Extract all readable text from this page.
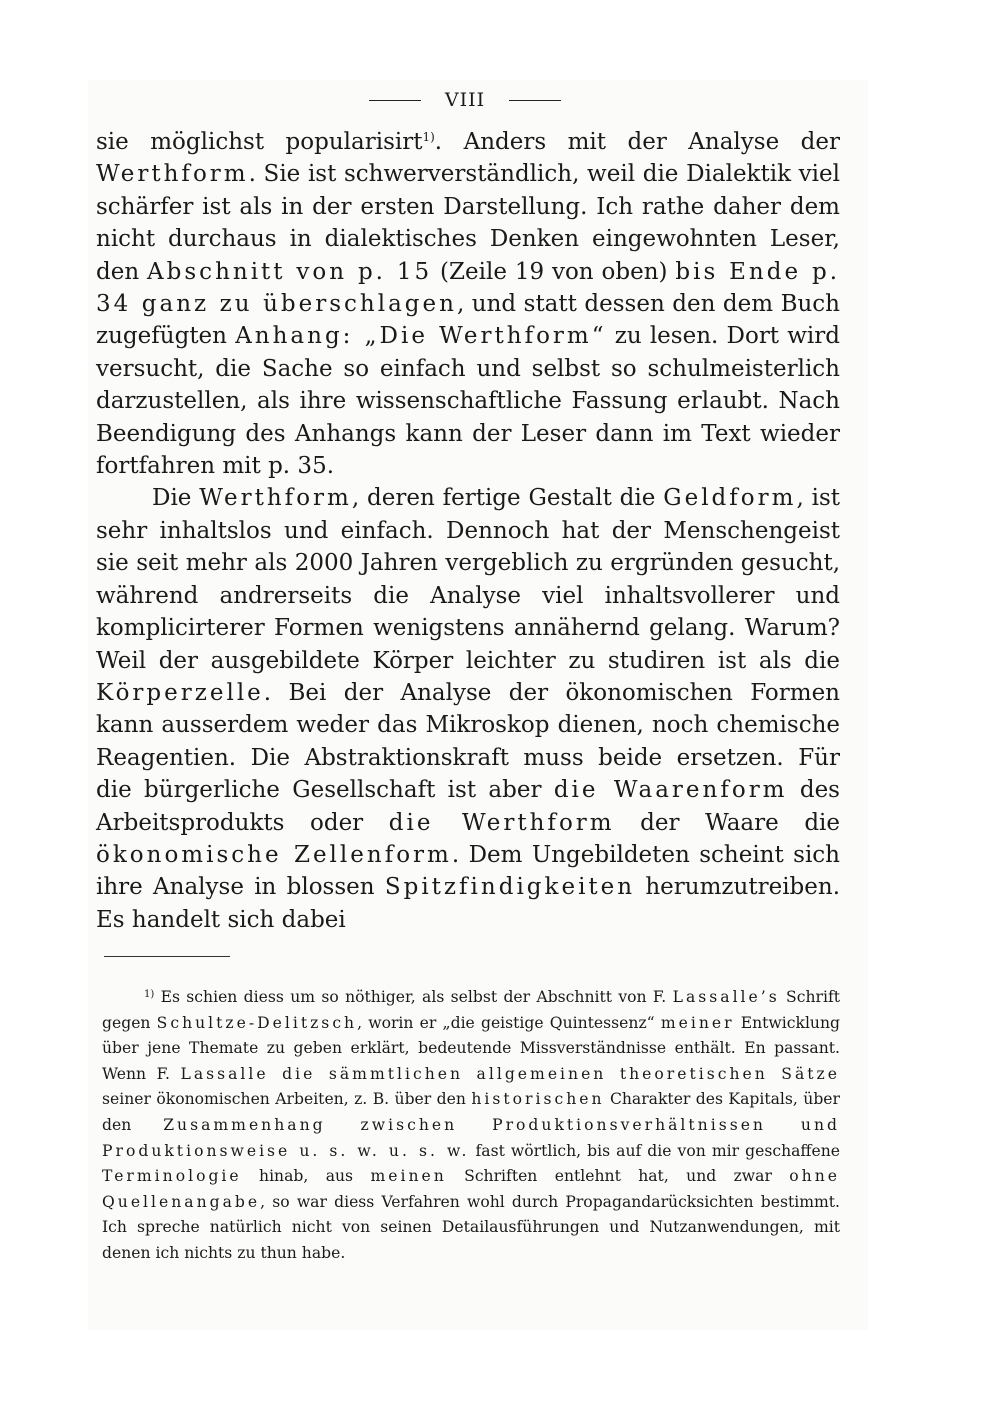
VIII

sie möglichst popularisirt$^{1)}$. Anders mit der Analyse der Werthform. Sie ist schwerverständlich, weil die Dialektik viel schärfer ist als in der ersten Darstellung. Ich rathe daher dem nicht durchaus in dialektisches Denken eingewohnten Leser, den Abschnitt von p. 15 (Zeile 19 von oben) bis Ende p. 34 ganz zu überschlagen, und statt dessen den dem Buch zugefügten Anhang: „Die Werthform“ zu lesen. Dort wird versucht, die Sache so einfach und selbst so schulmeisterlich darzustellen, als ihre wissenschaftliche Fassung erlaubt. Nach Beendigung des Anhangs kann der Leser dann im Text wieder fortfahren mit p. 35.

Die Werthform, deren fertige Gestalt die Geldform, ist sehr inhaltslos und einfach. Dennoch hat der Menschengeist sie seit mehr als 2000 Jahren vergeblich zu ergründen gesucht, während andrerseits die Analyse viel inhaltsvollerer und komplicirterer Formen wenigstens annähernd gelang. Warum? Weil der ausgebildete Körper leichter zu studiren ist als die Körperzelle. Bei der Analyse der ökonomischen Formen kann ausserdem weder das Mikroskop dienen, noch chemische Reagentien. Die Abstraktionskraft muss beide ersetzen. Für die bürgerliche Gesellschaft ist aber die Waarenform des Arbeitsprodukts oder die Werthform der Waare die ökonomische Zellenform. Dem Ungebildeten scheint sich ihre Analyse in blossen Spitzfindigkeiten herumzutreiben. Es handelt sich dabei

$^{1)}$ Es schien diess um so nöthiger, als selbst der Abschnitt von F. Lassalle’s Schrift gegen Schultze-Delitzsch, worin er „die geistige Quintessenz“ meiner Entwicklung über jene Themate zu geben erklärt, bedeutende Missverständnisse enthält. En passant. Wenn F. Lassalle die sämmtlichen allgemeinen theoretischen Sätze seiner ökonomischen Arbeiten, z. B. über den historischen Charakter des Kapitals, über den Zusammenhang zwischen Produktionsverhältnissen und Produktionsweise u. s. w. u. s. w. fast wörtlich, bis auf die von mir geschaffene Terminologie hinab, aus meinen Schriften entlehnt hat, und zwar ohne Quellenangabe, so war diess Verfahren wohl durch Propagandarücksichten bestimmt. Ich spreche natürlich nicht von seinen Detailausführungen und Nutzanwendungen, mit denen ich nichts zu thun habe.
